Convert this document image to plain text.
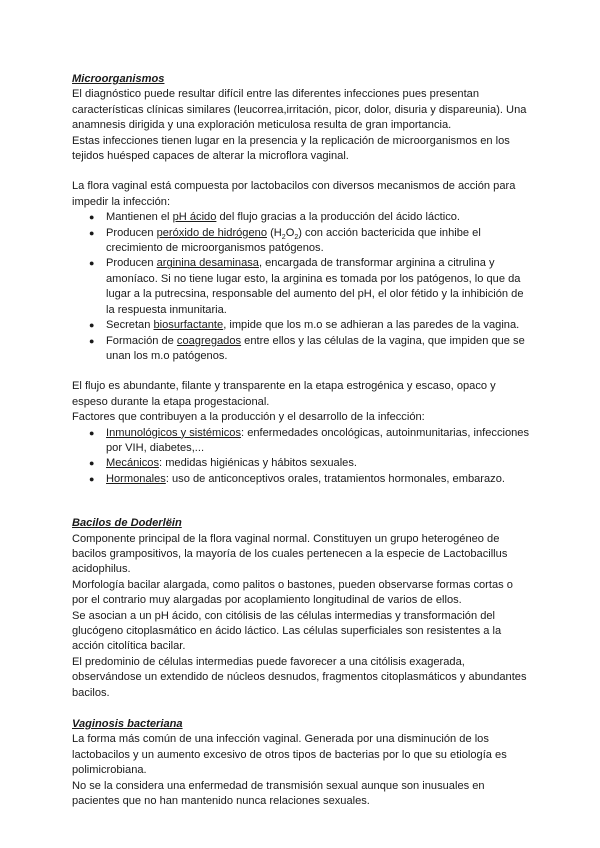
Microorganismos

El diagnóstico puede resultar difícil entre las diferentes infecciones pues presentan características clínicas similares (leucorrea,irritación, picor, dolor, disuria y dispareunia). Una anamnesis dirigida y una exploración meticulosa resulta de gran importancia.

Estas infecciones tienen lugar en la presencia y la replicación de microorganismos en los tejidos huésped capaces de alterar la microflora vaginal.

La flora vaginal está compuesta por lactobacilos con diversos mecanismos de acción para impedir la infección:

● Mantienen el pH ácido del flujo gracias a la producción del ácido láctico.
● Producen peróxido de hidrógeno $(H_2O_2)$ con acción bactericida que inhibe el crecimiento de microorganismos patógenos.
● Producen arginina desaminasa, encargada de transformar arginina a citrulina y amoníaco. Si no tiene lugar esto, la arginina es tomada por los patógenos, lo que da lugar a la putrecsina, responsable del aumento del pH, el olor fétido y la inhibición de la respuesta inmunitaria.
● Secretan biosurfactante, impide que los m.o se adhieran a las paredes de la vagina.
● Formación de coagregados entre ellos y las células de la vagina, que impiden que se unan los m.o patógenos.

El flujo es abundante, filante y transparente en la etapa estrogénica y escaso, opaco y espeso durante la etapa progestacional.

Factores que contribuyen a la producción y el desarrollo de la infección:

● Inmunológicos y sistémicos: enfermedades oncológicas, autoinmunitarias, infecciones por VIH, diabetes,...
● Mecánicos: medidas higiénicas y hábitos sexuales.
● Hormonales: uso de anticonceptivos orales, tratamientos hormonales, embarazo.

Bacilos de Doderlëin

Componente principal de la flora vaginal normal. Constituyen un grupo heterogéneo de bacilos grampositivos, la mayoría de los cuales pertenecen a la especie de Lactobacillus acidophilus.

Morfología bacilar alargada, como palitos o bastones, pueden observarse formas cortas o por el contrario muy alargadas por acoplamiento longitudinal de varios de ellos.

Se asocian a un pH ácido, con citólisis de las células intermedias y transformación del glucógeno citoplasmático en ácido láctico. Las células superficiales son resistentes a la acción citolítica bacilar.

El predominio de células intermedias puede favorecer a una citólisis exagerada, observándose un extendido de núcleos desnudos, fragmentos citoplasmáticos y abundantes bacilos.

Vaginosis bacteriana

La forma más común de una infección vaginal. Generada por una disminución de los lactobacilos y un aumento excesivo de otros tipos de bacterias por lo que su etiología es polimicrobiana.

No se la considera una enfermedad de transmisión sexual aunque son inusuales en pacientes que no han mantenido nunca relaciones sexuales.
